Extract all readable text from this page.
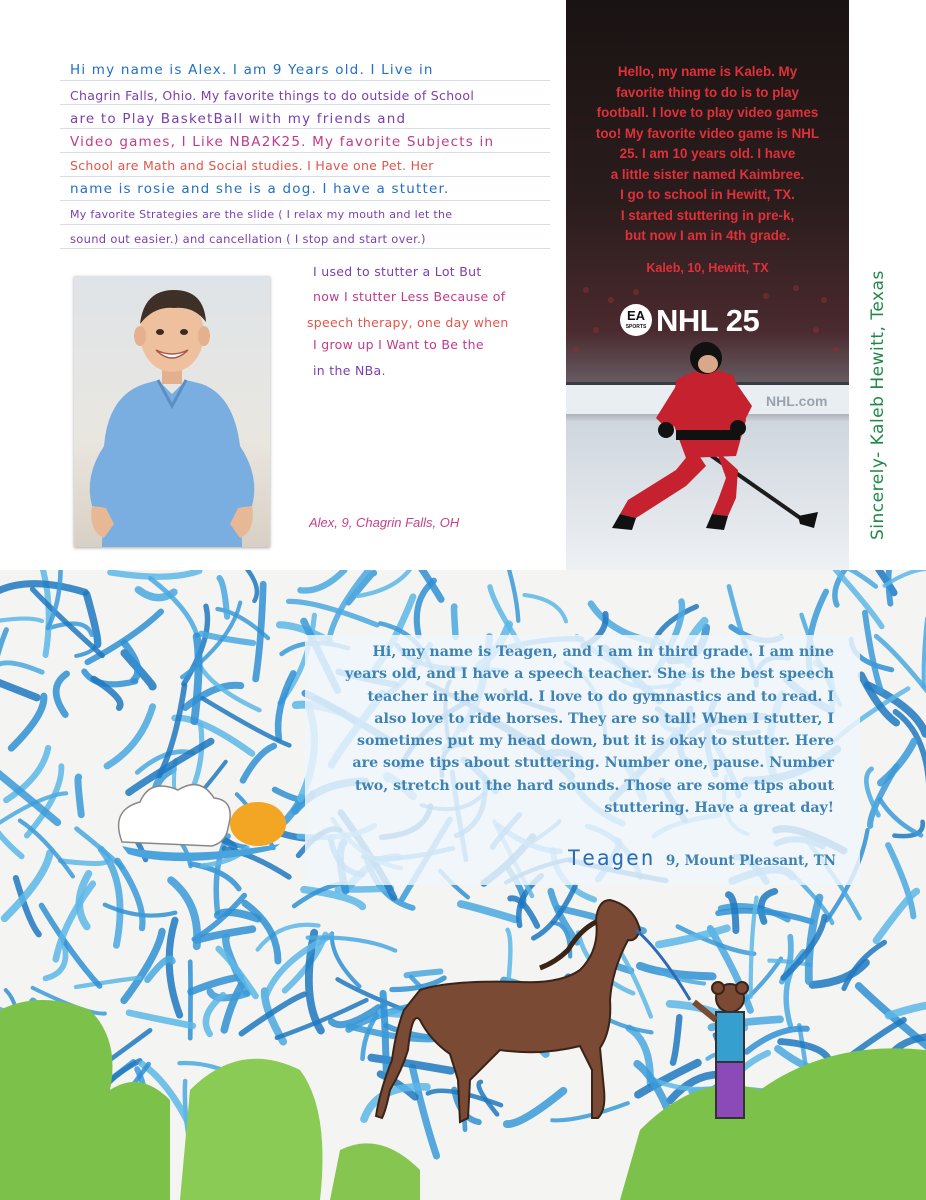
Hi my name is Alex. I am 9 Years old. I Live in
Chagrin Falls, Ohio. My favorite things to do outside of School
are to Play BasketBall with my friends and
Video games, I Like NBA2K25. My favorite Subjects in
School are Math and Social studies. I Have one Pet. Her
name is rosie and she is a dog. I have a stutter.
My favorite Strategies are the slide ( I relax my mouth and let the
sound out easier.) and cancellation ( I stop and start over.)
I used to stutter a Lot But
now I stutter Less Because of
speech therapy, one day when
I grow up I Want to Be the
in the NBa.
Alex, 9, Chagrin Falls, OH
NHL.com
Hello, my name is Kaleb. My
favorite thing to do is to play
football. I love to play video games
too! My favorite video game is NHL
25. I am 10 years old. I have
a little sister named Kaimbree.
I go to school in Hewitt, TX.
I started stuttering in pre-k,
but now I am in 4th grade.
Kaleb, 10, Hewitt, TX
EA
SPORTS NHL 25	Sincerely- Kaleb Hewitt, Texas
Hi, my name is Teagen, and I am in third grade. I am nine
years old, and I have a speech teacher. She is the best speech
teacher in the world. I love to do gymnastics and to read. I
also love to ride horses. They are so tall! When I stutter, I
sometimes put my head down, but it is okay to stutter. Here
are some tips about stuttering. Number one, pause. Number
two, stretch out the hard sounds. Those are some tips about
stuttering. Have a great day!
Teagen 9, Mount Pleasant, TN
